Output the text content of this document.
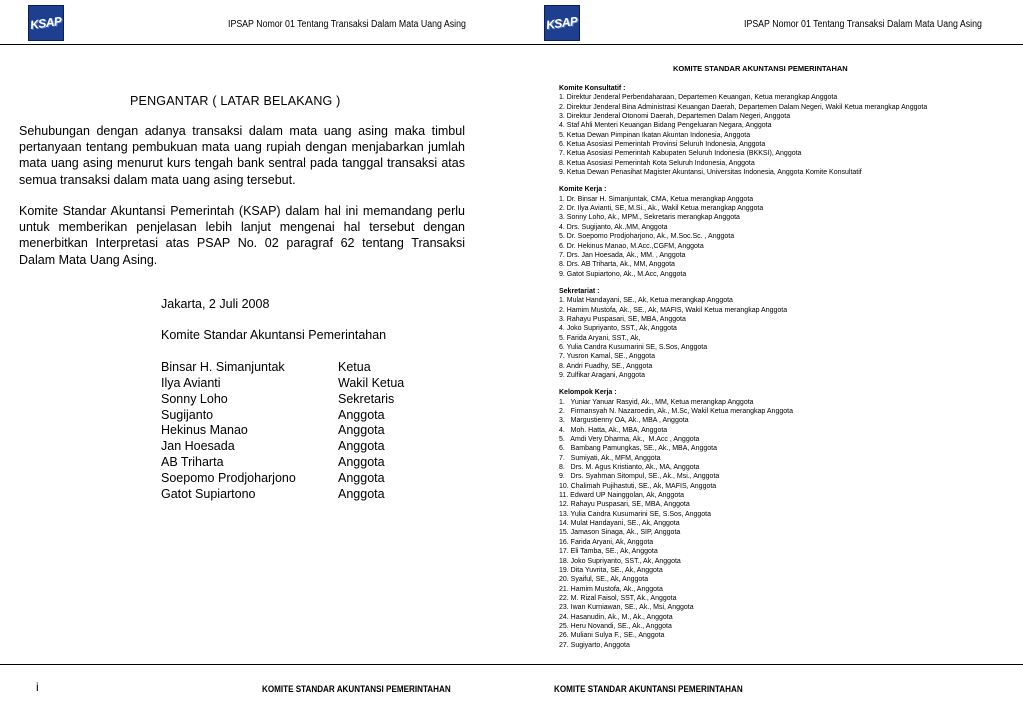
KSAP	IPSAP Nomor 01 Tentang Transaksi Dalam Mata Uang Asing
PENGANTAR ( LATAR BELAKANG )
Sehubungan dengan adanya transaksi dalam mata uang asing maka timbul pertanyaan tentang pembukuan mata uang rupiah dengan menjabarkan jumlah mata uang asing menurut kurs tengah bank sentral pada tanggal transaksi atas semua transaksi dalam mata uang asing tersebut.
Komite Standar Akuntansi Pemerintah (KSAP) dalam hal ini memandang perlu untuk memberikan penjelasan lebih lanjut mengenai hal tersebut dengan menerbitkan Interpretasi atas PSAP No. 02 paragraf 62 tentang Transaksi Dalam Mata Uang Asing.
Jakarta, 2 Juli 2008
Komite Standar Akuntansi Pemerintahan
Binsar H. Simanjuntak	Ketua
Ilya Avianti	Wakil Ketua
Sonny Loho	Sekretaris
Sugijanto	Anggota
Hekinus Manao	Anggota
Jan Hoesada	Anggota
AB Triharta	Anggota
Soepomo Prodjoharjono	Anggota
Gatot Supiartono	Anggota
i	KOMITE STANDAR AKUNTANSI PEMERINTAHAN
KSAP	IPSAP Nomor 01 Tentang Transaksi Dalam Mata Uang Asing
KOMITE STANDAR AKUNTANSI PEMERINTAHAN
Komite Konsultatif :
1. Direktur Jenderal Perbendaharaan, Departemen Keuangan, Ketua merangkap Anggota
2. Direktur Jenderal Bina Administrasi Keuangan Daerah, Departemen Dalam Negeri, Wakil Ketua merangkap Anggota
3. Direktur Jenderal Otonomi Daerah, Departemen Dalam Negeri, Anggota
4. Staf Ahli Menteri Keuangan Bidang Pengeluaran Negara, Anggota
5. Ketua Dewan Pimpinan Ikatan Akuntan Indonesia, Anggota
6. Ketua Asosiasi Pemerintah Provinsi Seluruh Indonesia, Anggota
7. Ketua Asosiasi Pemerintah Kabupaten Seluruh Indonesia (BKKSI), Anggota
8. Ketua Asosiasi Pemerintah Kota Seluruh Indonesia, Anggota
9. Ketua Dewan Penasihat Magister Akuntansi, Universitas Indonesia, Anggota Komite Konsultatif
Komite Kerja :
1. Dr. Binsar H. Simanjuntak, CMA, Ketua merangkap Anggota
2. Dr. Ilya Avianti, SE, M.Si., Ak., Wakil Ketua merangkap Anggota
3. Sonny Loho, Ak., MPM., Sekretaris merangkap Anggota
4. Drs. Sugijanto, Ak.,MM, Anggota
5. Dr. Soepomo Prodjoharjono, Ak., M.Soc.Sc. , Anggota
6. Dr. Hekinus Manao, M.Acc.,CGFM, Anggota
7. Drs. Jan Hoesada, Ak., MM. , Anggota
8. Drs. AB Triharta, Ak., MM, Anggota
9. Gatot Supiartono, Ak., M.Acc, Anggota
Sekretariat :
1. Mulat Handayani, SE., Ak, Ketua merangkap Anggota
2. Hamim Mustofa, Ak., SE., Ak, MAFIS, Wakil Ketua merangkap Anggota
3. Rahayu Puspasari, SE, MBA, Anggota
4. Joko Supriyanto, SST., Ak, Anggota
5. Farida Aryani, SST., Ak,
6. Yulia Candra Kusumarini SE, S.Sos, Anggota
7. Yusron Kamal, SE., Anggota
8. Andri Fuadhy, SE., Anggota
9. Zulfikar Aragani, Anggota
Kelompok Kerja :
1.   Yuniar Yanuar Rasyid, Ak., MM, Ketua merangkap Anggota
2.   Firmansyah N. Nazaroedin, Ak., M.Sc, Wakil Ketua merangkap Anggota
3.   Margustienny OA, Ak., MBA , Anggota
4.   Moh. Hatta, Ak., MBA, Anggota
5.   Amdi Very Dharma, Ak.,  M.Acc , Anggota
6.   Bambang Pamungkas, SE., Ak., MBA, Anggota
7.   Sumiyati, Ak., MFM, Anggota
8.   Drs. M. Agus Kristianto, Ak., MA, Anggota
9.   Drs. Syahman Sitompul, SE., Ak., Msi., Anggota
10. Chalimah Pujihastuti, SE., Ak, MAFIS, Anggota
11. Edward UP Nainggolan, Ak, Anggota
12. Rahayu Puspasari, SE, MBA, Anggota
13. Yulia Candra Kusumarini SE, S.Sos, Anggota
14. Mulat Handayani, SE., Ak, Anggota
15. Jamason Sinaga, Ak., SIP, Anggota
16. Farida Aryani, Ak, Anggota
17. Eli Tamba, SE., Ak, Anggota
18. Joko Supriyanto, SST., Ak, Anggota
19. Dita Yuvrita, SE., Ak, Anggota
20. Syaiful, SE., Ak, Anggota
21. Hamim Mustofa, Ak., Anggota
22. M. Rizal Faisol, SST, Ak., Anggota
23. Iwan Kurniawan, SE., Ak., Msi, Anggota
24. Hasanudin, Ak., M., Ak., Anggota
25. Heru Novandi, SE., Ak., Anggota
26. Muliani Sulya F., SE., Anggota
27. Sugiyarto, Anggota
KOMITE STANDAR AKUNTANSI PEMERINTAHAN
